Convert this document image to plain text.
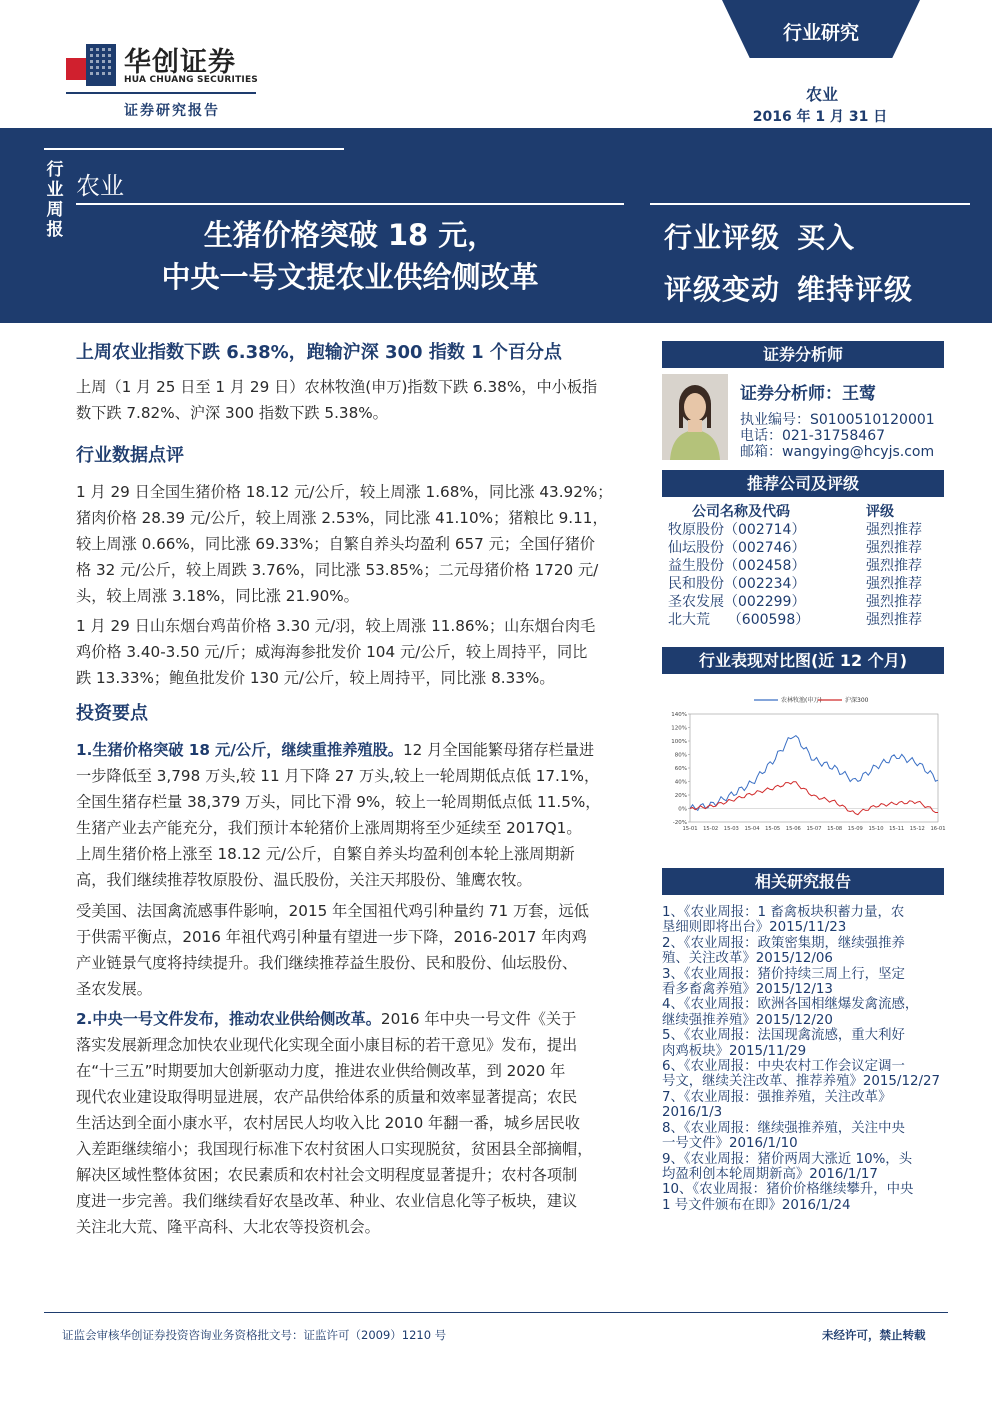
华创证券
HUA CHUANG SECURITIES
证券研究报告
行业研究
农业
2016 年 1 月 31 日
行
业
周
报
农业
生猪价格突破 18 元，
中央一号文提农业供给侧改革
行业评级 买入
评级变动 维持评级
上周农业指数下跌 6.38%，跑输沪深 300 指数 1 个百分点
上周（1 月 25 日至 1 月 29 日）农林牧渔(申万)指数下跌 6.38%，中小板指
数下跌 7.82%、沪深 300 指数下跌 5.38%。
行业数据点评
1 月 29 日全国生猪价格 18.12 元/公斤，较上周涨 1.68%，同比涨 43.92%；
猪肉价格 28.39 元/公斤，较上周涨 2.53%，同比涨 41.10%；猪粮比 9.11，
较上周涨 0.66%，同比涨 69.33%；自繁自养头均盈利 657 元；全国仔猪价
格 32 元/公斤，较上周跌 3.76%，同比涨 53.85%；二元母猪价格 1720 元/
头，较上周涨 3.18%，同比涨 21.90%。
1 月 29 日山东烟台鸡苗价格 3.30 元/羽，较上周涨 11.86%；山东烟台肉毛
鸡价格 3.40-3.50 元/斤；威海海参批发价 104 元/公斤，较上周持平，同比
跌 13.33%；鲍鱼批发价 130 元/公斤，较上周持平，同比涨 8.33%。
投资要点
1.生猪价格突破 18 元/公斤，继续重推养殖股。12 月全国能繁母猪存栏量进
一步降低至 3,798 万头,较 11 月下降 27 万头,较上一轮周期低点低 17.1%，
全国生猪存栏量 38,379 万头，同比下滑 9%，较上一轮周期低点低 11.5%，
生猪产业去产能充分，我们预计本轮猪价上涨周期将至少延续至 2017Q1。
上周生猪价格上涨至 18.12 元/公斤，自繁自养头均盈利创本轮上涨周期新
高，我们继续推荐牧原股份、温氏股份，关注天邦股份、雏鹰农牧。
受美国、法国禽流感事件影响，2015 年全国祖代鸡引种量约 71 万套，远低
于供需平衡点，2016 年祖代鸡引种量有望进一步下降，2016-2017 年肉鸡
产业链景气度将持续提升。我们继续推荐益生股份、民和股份、仙坛股份、
圣农发展。
2.中央一号文件发布，推动农业供给侧改革。2016 年中央一号文件《关于
落实发展新理念加快农业现代化实现全面小康目标的若干意见》发布，提出
在“十三五”时期要加大创新驱动力度，推进农业供给侧改革，到 2020 年
现代农业建设取得明显进展，农产品供给体系的质量和效率显著提高；农民
生活达到全面小康水平，农村居民人均收入比 2010 年翻一番，城乡居民收
入差距继续缩小；我国现行标准下农村贫困人口实现脱贫，贫困县全部摘帽，
解决区域性整体贫困；农民素质和农村社会文明程度显著提升；农村各项制
度进一步完善。我们继续看好农垦改革、种业、农业信息化等子板块，建议
关注北大荒、隆平高科、大北农等投资机会。
证券分析师
证券分析师：王莺
执业编号：S0100510120001
电话：021-31758467
邮箱：wangying@hcyjs.com
推荐公司及评级
公司名称及代码	评级
牧原股份（002714）	强烈推荐
仙坛股份（002746）	强烈推荐
益生股份（002458）	强烈推荐
民和股份（002234）	强烈推荐
圣农发展（002299）	强烈推荐
北大荒    （600598）	强烈推荐
行业表现对比图(近 12 个月)
140%
120%
100%
80%
60%
40%
20%
0%
-20%
15-01 15-02 15-03 15-04 15-05 15-06 15-07 15-08 15-09 15-10 15-11 15-12 16-01
农林牧渔(申万)	沪深300
相关研究报告
1、《农业周报：1 畜禽板块积蓄力量，农
垦细则即将出台》2015/11/23
2、《农业周报：政策密集期，继续强推养
殖、关注改革》2015/12/06
3、《农业周报：猪价持续三周上行，坚定
看多畜禽养殖》2015/12/13
4、《农业周报：欧洲各国相继爆发禽流感，
继续强推养殖》2015/12/20
5、《农业周报：法国现禽流感，重大利好
肉鸡板块》2015/11/29
6、《农业周报：中央农村工作会议定调一
号文，继续关注改革、推荐养殖》2015/12/27
7、《农业周报：强推养殖，关注改革》
2016/1/3
8、《农业周报：继续强推养殖，关注中央
一号文件》2016/1/10
9、《农业周报：猪价两周大涨近 10%，头
均盈利创本轮周期新高》2016/1/17
10、《农业周报：猪价价格继续攀升，中央
1 号文件颁布在即》2016/1/24
证监会审核华创证券投资咨询业务资格批文号：证监许可（2009）1210 号	未经许可，禁止转载
